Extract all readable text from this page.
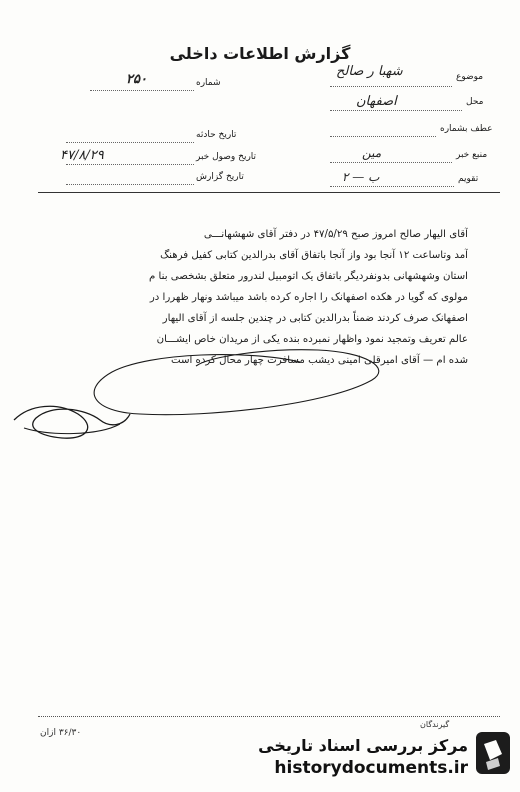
گزارش اطلاعات داخلی
شماره
۲۵۰
تاریخ حادثه
تاریخ وصول خبر
۴۷/۸/۲۹
تاریخ گزارش
موضوع
شهبا ر صالح
محل
اصفهان
عطف بشماره
منبع خبر
مین
تقویم
ب — ۲

آقای الیهار صالح امروز صبح ۴۷/۵/۲۹ در دفتر آقای شهشهانـــی

آمد وتاساعت ۱۲ آنجا بود واز آنجا باتفاق آقای بدرالدین کتابی کفیل فرهنگ

استان وشهشهانی بدونفردیگر باتفاق یک اتومبیل لندرور متعلق بشخصی بنا م

مولوی که گویا در هکده اصفهانک را اجاره کرده باشد میباشد ونهار ظهررا در

اصفهانک صرف کردند ضمناً بدرالدین کتابی در چندین جلسه از آقای الیهار

عالم تعریف وتمجید نمود واظهار نمبرده بنده یکی از مریدان خاص ایشـــان

شده ام — آقای امیرقلی امینی دیشب مسافرت چهار محال کرده است

گیرندگان
۳۶/۳۰ ازان
مرکز بررسی اسناد تاریخی
historydocuments.ir
